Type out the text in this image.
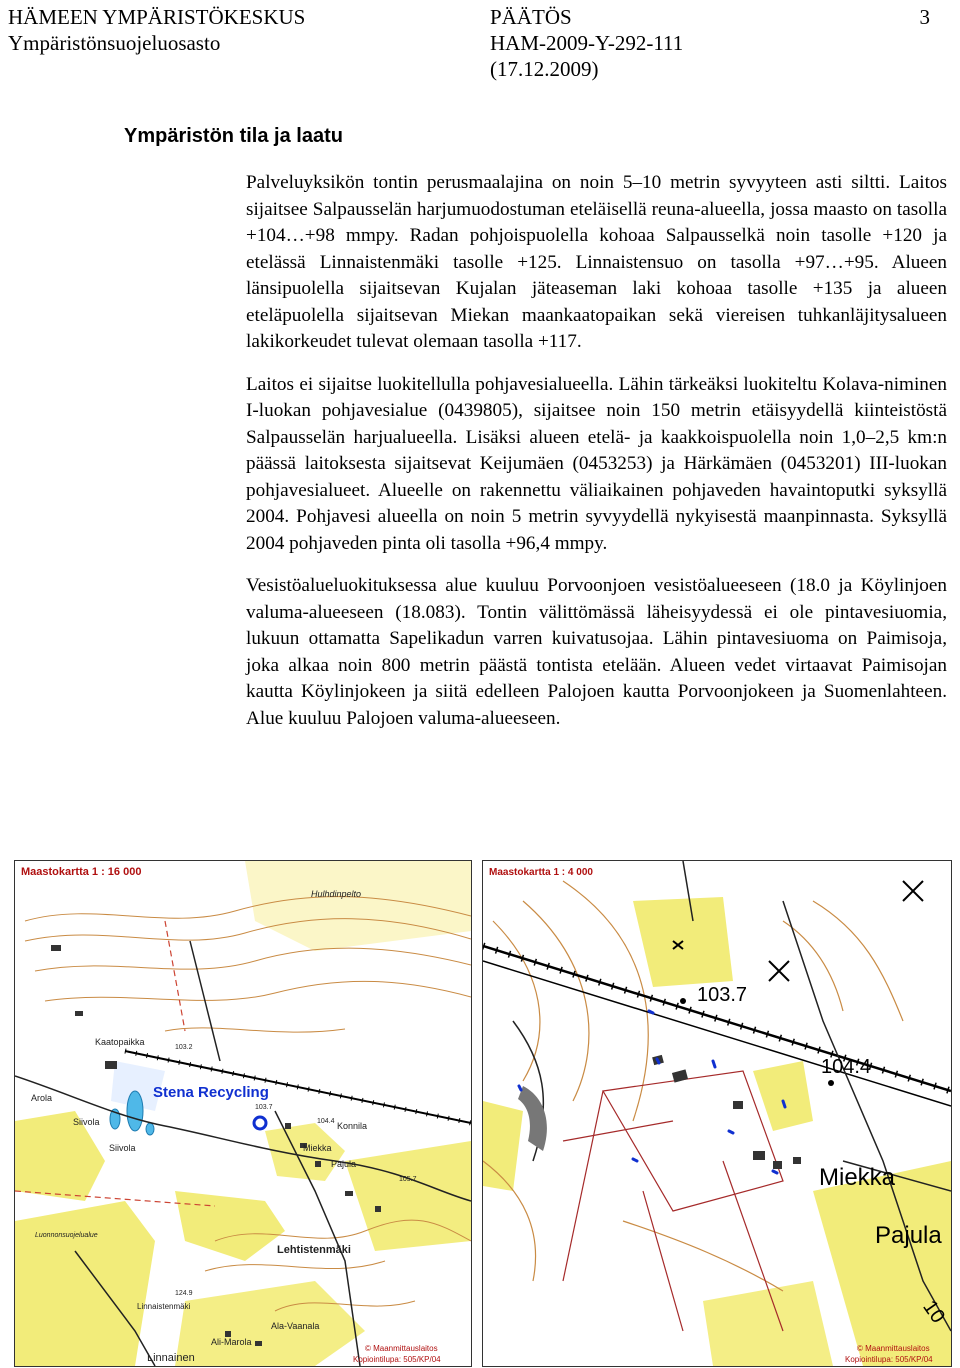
HÄMEEN YMPÄRISTÖKESKUS
Ympäristönsuojeluosasto
PÄÄTÖS
HAM-2009-Y-292-111
(17.12.2009)
3
Ympäristön tila ja laatu

Palveluyksikön tontin perusmaalajina on noin 5–10 metrin syvyyteen asti siltti. Laitos sijaitsee Salpausselän harjumuodostuman eteläisellä reuna-alueella, jossa maasto on tasolla +104…+98 mmpy. Radan pohjoispuolella kohoaa Salpausselkä noin tasolle +120 ja etelässä Linnaistenmäki tasolle +125. Linnaistensuo on tasolla +97…+95. Alueen länsipuolella sijaitsevan Kujalan jäteaseman laki kohoaa tasolle +135 ja alueen eteläpuolella sijaitsevan Miekan maankaatopaikan sekä viereisen tuhkanläjitysalueen lakikorkeudet tulevat olemaan tasolla +117.

Laitos ei sijaitse luokitellulla pohjavesialueella. Lähin tärkeäksi luokiteltu Kolava-niminen I-luokan pohjavesialue (0439805), sijaitsee noin 150 metrin etäisyydellä kiinteistöstä Salpausselän harjualueella. Lisäksi alueen etelä- ja kaakkoispuolella noin 1,0–2,5 km:n päässä laitoksesta sijaitsevat Keijumäen (0453253) ja Härkämäen (0453201) III-luokan pohjavesialueet. Alueelle on rakennettu väliaikainen pohjaveden havaintoputki syksyllä 2004. Pohjavesi alueella on noin 5 metrin syvyydellä nykyisestä maanpinnasta. Syksyllä 2004 pohjaveden pinta oli tasolla +96,4 mmpy.

Vesistöalueluokituksessa alue kuuluu Porvoonjoen vesistöalueeseen (18.0 ja Köylinjoen valuma-alueeseen (18.083). Tontin välittömässä läheisyydessä ei ole pintavesiuomia, lukuun ottamatta Sapelikadun varren kuivatusojaa. Lähin pintavesiuoma on Paimisoja, joka alkaa noin 800 metrin päästä tontista etelään. Alueen vedet virtaavat Paimisojan kautta Köylinjokeen ja siitä edelleen Palojoen kautta Porvoonjokeen ja Suomenlahteen. Alue kuuluu Palojoen valuma-alueeseen.

Maastokartta 1 : 16 000
Hulhdinpelto
Kaatopaikka
Arola
Siivola
Siivola
Konnila
Miekka
Pajula
Lehtistenmäki
Linnaistenmäki
Ali-Marola
Ala-Vaanala
Linnainen
103.2
103.7
104.4
105.7
124.9
Luonnonsuojelualue
Stena Recycling
© Maanmittauslaitos
Kopiointilupa: 505/KP/04
Maastokartta 1 : 4 000
103.7
104.4
Miekka
Pajula
10
© Maanmittauslaitos
Kopiointilupa: 505/KP/04
